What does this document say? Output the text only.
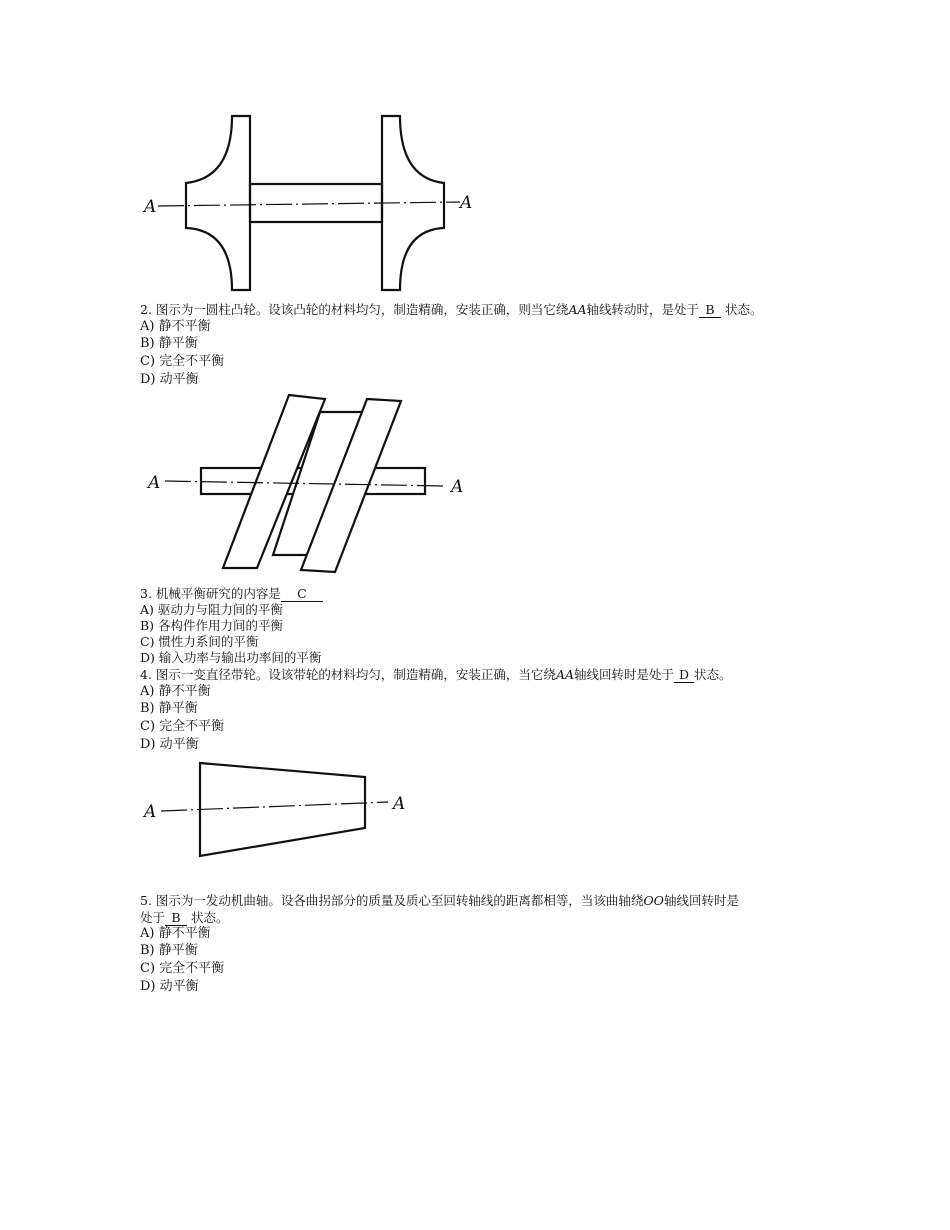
A	A
2. 图示为一圆柱凸轮。设该凸轮的材料均匀，制造精确，安装正确，则当它绕AA轴线转动时，是处于 B 状态。
A) 静不平衡
B) 静平衡
C) 完全不平衡
D) 动平衡
A	A
3. 机械平衡研究的内容是 C
A) 驱动力与阻力间的平衡
B) 各构件作用力间的平衡
C) 惯性力系间的平衡
D) 输入功率与输出功率间的平衡
4. 图示一变直径带轮。设该带轮的材料均匀，制造精确，安装正确，当它绕AA轴线回转时是处于 D 状态。
A) 静不平衡
B) 静平衡
C) 完全不平衡
D) 动平衡
A	A
5. 图示为一发动机曲轴。设各曲拐部分的质量及质心至回转轴线的距离都相等，当该曲轴绕OO轴线回转时是
处于 B 状态。
A) 静不平衡
B) 静平衡
C) 完全不平衡
D) 动平衡
